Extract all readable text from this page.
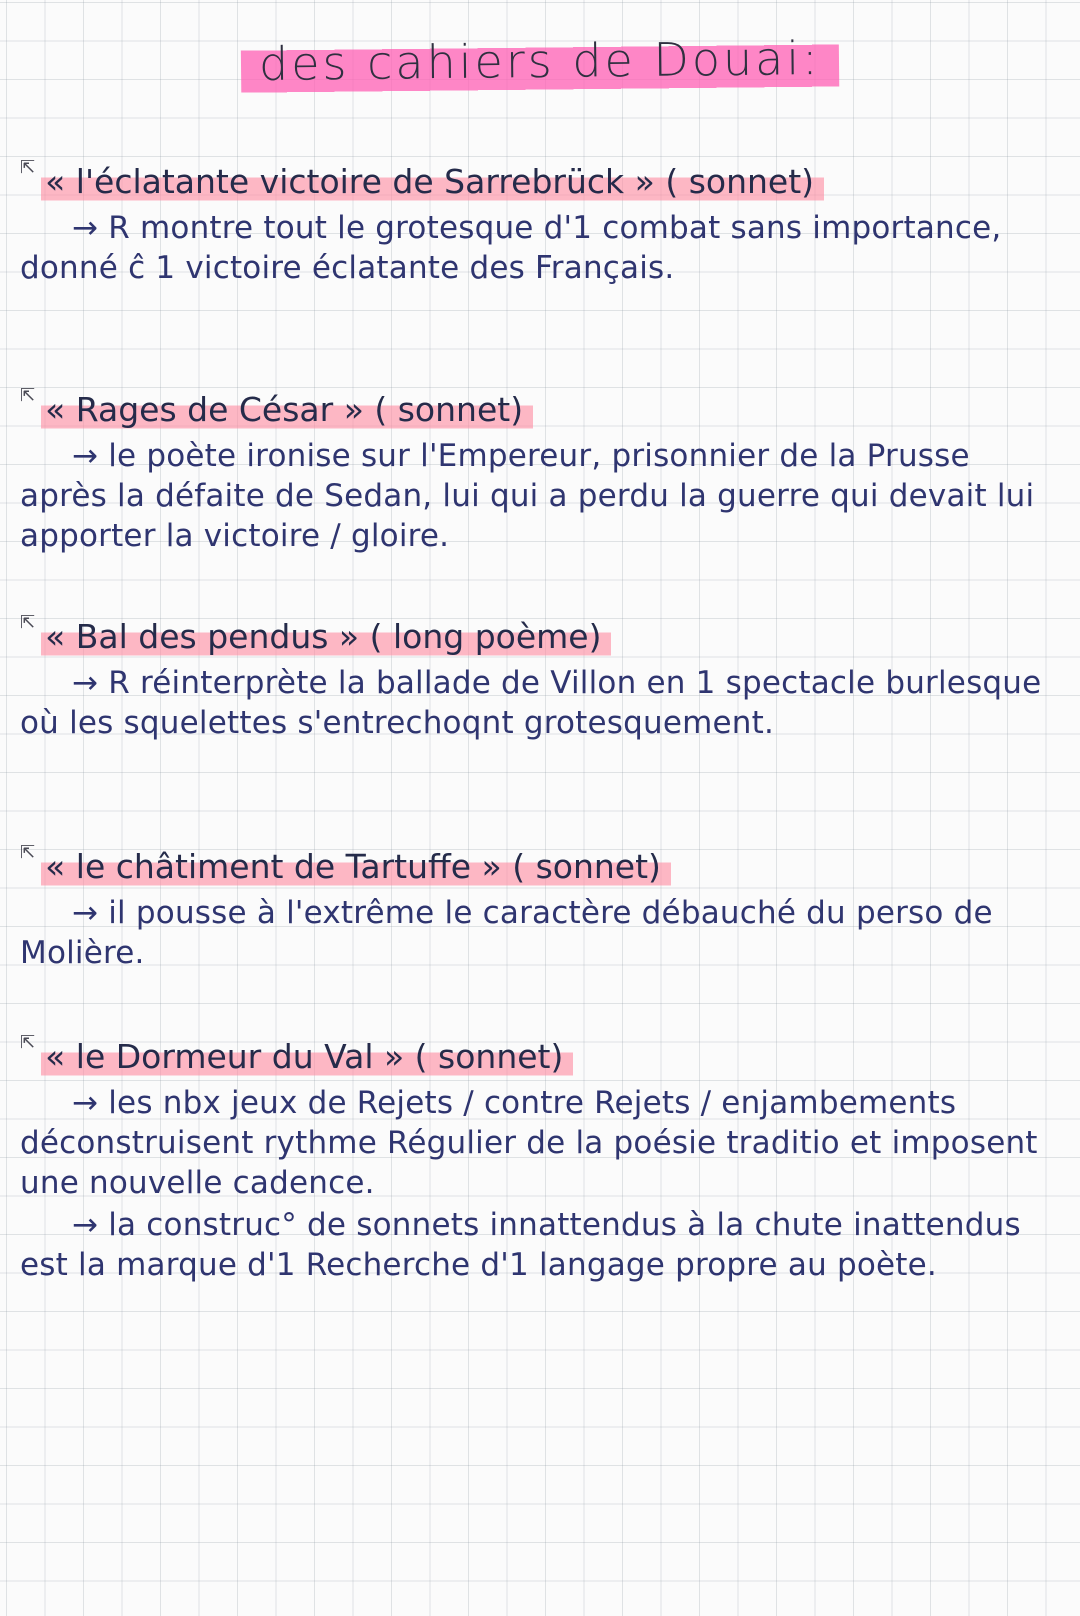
des cahiers de Douai:
⇱ « l'éclatante victoire de Sarrebrück » ( sonnet)

→ R montre tout le grotesque d'1 combat sans importance, donné ĉ 1 victoire éclatante des Français.

⇱ « Rages de César » ( sonnet)

→ le poète ironise sur l'Empereur, prisonnier de la Prusse après la défaite de Sedan, lui qui a perdu la guerre qui devait lui apporter la victoire / gloire.

⇱ « Bal des pendus » ( long poème)

→ R réinterprète la ballade de Villon en 1 spectacle burlesque où les squelettes s'entrechoqnt grotesquement.

⇱ « le châtiment de Tartuffe » ( sonnet)

→ il pousse à l'extrême le caractère débauché du perso de Molière.

⇱ « le Dormeur du Val » ( sonnet)

→ les nbx jeux de Rejets / contre Rejets / enjambements déconstruisent rythme Régulier de la poésie traditio et imposent une nouvelle cadence.

→ la construc° de sonnets innattendus à la chute inattendus est la marque d'1 Recherche d'1 langage propre au poète.
